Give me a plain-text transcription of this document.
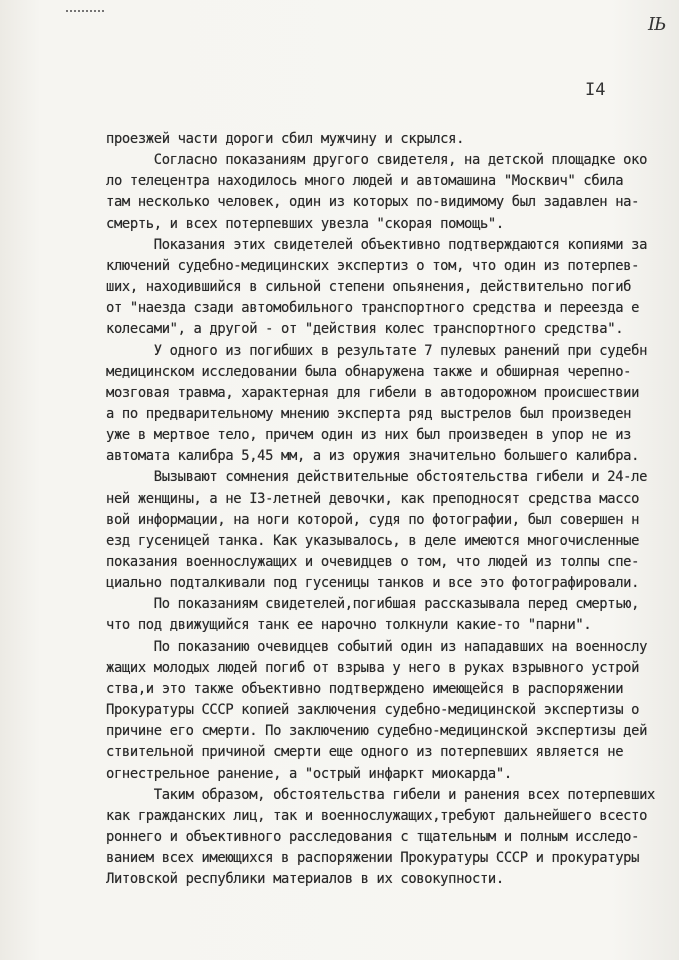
IЬ
I4
проезжей части дороги сбил мужчину и скрылся.
Согласно показаниям другого свидетеля, на детской площадке око
ло телецентра находилось много людей и автомашина "Москвич" сбила
там несколько человек, один из которых по-видимому был задавлен на-
смерть, и всех потерпевших увезла "скорая помощь".
Показания этих свидетелей объективно подтверждаются копиями за
ключений судебно-медицинских экспертиз о том, что один из потерпев-
ших, находившийся в сильной степени опьянения, действительно погиб
от "наезда сзади автомобильного транспортного средства и переезда е
колесами", а другой - от "действия колес транспортного средства".
У одного из погибших в результате 7 пулевых ранений при судебн
медицинском исследовании была обнаружена также и обширная черепно-
мозговая травма, характерная для гибели в автодорожном происшествии
а по предварительному мнению эксперта ряд выстрелов был произведен
уже в мертвое тело, причем один из них был произведен в упор не из
автомата калибра 5,45 мм, а из оружия значительно большего калибра.
Вызывают сомнения действительные обстоятельства гибели и 24-ле
ней женщины, а не I3-летней девочки, как преподносят средства массо
вой информации, на ноги которой, судя по фотографии, был совершен н
езд гусеницей танка. Как указывалось, в деле имеются многочисленные
показания военнослужащих и очевидцев о том, что людей из толпы спе-
циально подталкивали под гусеницы танков и все это фотографировали.
По показаниям свидетелей,погибшая рассказывала перед смертью,
что под движущийся танк ее нарочно толкнули какие-то "парни".
По показанию очевидцев событий один из нападавших на военнослу
жащих молодых людей погиб от взрыва у него в руках взрывного устрой
ства,и это также объективно подтверждено имеющейся в распоряжении
Прокуратуры СССР копией заключения судебно-медицинской экспертизы о
причине его смерти. По заключению судебно-медицинской экспертизы дей
ствительной причиной смерти еще одного из потерпевших является не
огнестрельное ранение, а "острый инфаркт миокарда".
Таким образом, обстоятельства гибели и ранения всех потерпевших
как гражданских лиц, так и военнослужащих,требуют дальнейшего всесто
роннего и объективного расследования с тщательным и полным исследо-
ванием всех имеющихся в распоряжении Прокуратуры СССР и прокуратуры
Литовской республики материалов в их совокупности.
